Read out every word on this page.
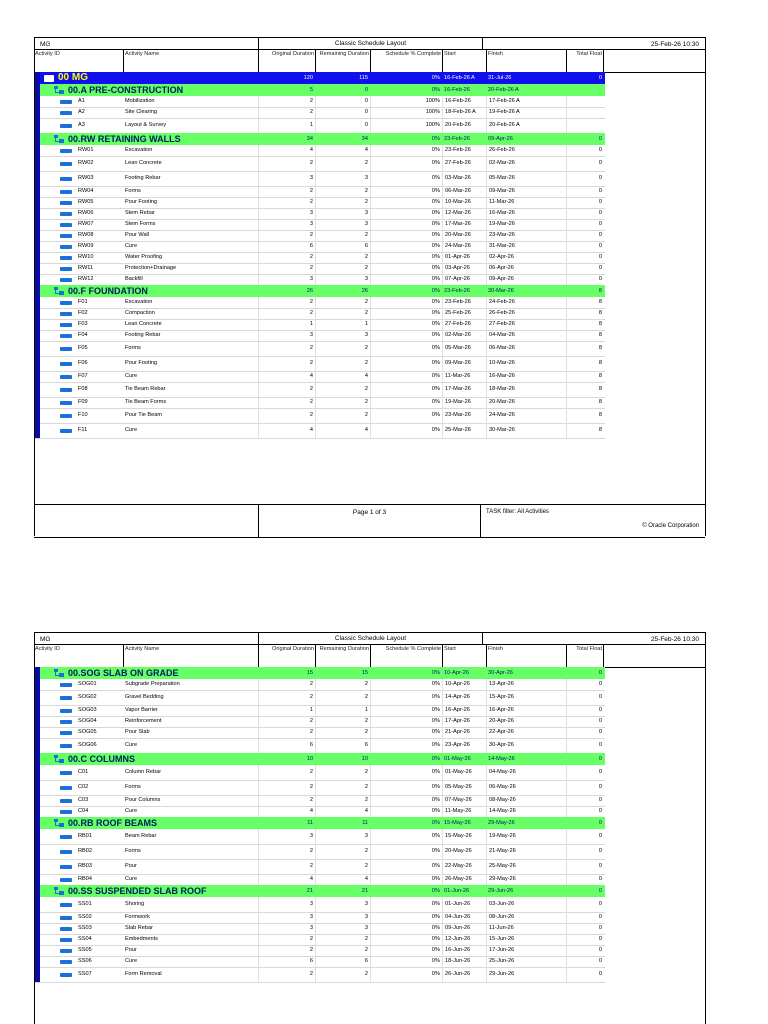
MG	Classic Schedule Layout	25-Feb-26 10:30
Activity ID	Activity Name	Original Duration Remaining Duration	Schedule % Complete Start	Finish	Total Float
00 MG	120	115	0% 16-Feb-26 A	31-Jul-26	0
00.A PRE-CONSTRUCTION	5	0	0% 16-Feb-26	20-Feb-26 A
A1	Mobilization	2	0	100% 16-Feb-26	17-Feb-26 A
A2	Site Clearing	2	0	100% 18-Feb-26 A	19-Feb-26 A
A3	Layout & Survey	1	0	100% 20-Feb-26	20-Feb-26 A
00.RW RETAINING WALLS	34	34	0% 23-Feb-26	09-Apr-26	0
RW01	Excavation	4	4	0% 23-Feb-26	26-Feb-26	0
RW02	Lean Concrete	2	2	0% 27-Feb-26	02-Mar-26	0
RW03	Footing Rebar	3	3	0% 03-Mar-26	05-Mar-26	0
RW04	Forms	2	2	0% 06-Mar-26	09-Mar-26	0
RW05	Pour Footing	2	2	0% 10-Mar-26	11-Mar-26	0
RW06	Stem Rebar	3	3	0% 12-Mar-26	16-Mar-26	0
RW07	Stem Forms	3	3	0% 17-Mar-26	19-Mar-26	0
RW08	Pour Wall	2	2	0% 20-Mar-26	23-Mar-26	0
RW09	Cure	6	6	0% 24-Mar-26	31-Mar-26	0
RW10	Water Proofing	2	2	0% 01-Apr-26	02-Apr-26	0
RW11	Protection+Drainage	2	2	0% 03-Apr-26	06-Apr-26	0
RW12	Backfill	3	3	0% 07-Apr-26	09-Apr-26	0
00.F FOUNDATION	26	26	0% 23-Feb-26	30-Mar-26	8
F01	Excavation	2	2	0% 23-Feb-26	24-Feb-26	8
F02	Compaction	2	2	0% 25-Feb-26	26-Feb-26	8
F03	Lean Concrete	1	1	0% 27-Feb-26	27-Feb-26	8
F04	Footing Rebar	3	3	0% 02-Mar-26	04-Mar-26	8
F05	Forms	2	2	0% 05-Mar-26	06-Mar-26	8
F06	Pour Footing	2	2	0% 09-Mar-26	10-Mar-26	8
F07	Cure	4	4	0% 11-Mar-26	16-Mar-26	8
F08	Tie Beam Rebar	2	2	0% 17-Mar-26	18-Mar-26	8
F09	Tie Beam Forms	2	2	0% 19-Mar-26	20-Mar-26	8
F10	Pour Tie Beam	2	2	0% 23-Mar-26	24-Mar-26	8
F11	Cure	4	4	0% 25-Mar-26	30-Mar-26	8
Page 1 of 3	TASK filter: All Activities
© Oracle Corporation
MG	Classic Schedule Layout	25-Feb-26 10:30
Activity ID	Activity Name	Original Duration Remaining Duration	Schedule % Complete Start	Finish	Total Float
00.SOG SLAB ON GRADE	15	15	0% 10-Apr-26	30-Apr-26	0
SOG01	Subgrade Preparation	2	2	0% 10-Apr-26	13-Apr-26	0
SOG02	Gravel Bedding	2	2	0% 14-Apr-26	15-Apr-26	0
SOG03	Vapor Barrier	1	1	0% 16-Apr-26	16-Apr-26	0
SOG04	Reinforcement	2	2	0% 17-Apr-26	20-Apr-26	0
SOG05	Pour Slab	2	2	0% 21-Apr-26	22-Apr-26	0
SOG06	Cure	6	6	0% 23-Apr-26	30-Apr-26	0
00.C COLUMNS	10	10	0% 01-May-26	14-May-26	0
C01	Column Rebar	2	2	0% 01-May-26	04-May-26	0
C02	Forms	2	2	0% 05-May-26	06-May-26	0
C03	Pour Columns	2	2	0% 07-May-26	08-May-26	0
C04	Cure	4	4	0% 11-May-26	14-May-26	0
00.RB ROOF BEAMS	11	11	0% 15-May-26	29-May-26	0
RB01	Beam Rebar	3	3	0% 15-May-26	19-May-26	0
RB02	Forms	2	2	0% 20-May-26	21-May-26	0
RB03	Pour	2	2	0% 22-May-26	25-May-26	0
RB04	Cure	4	4	0% 26-May-26	29-May-26	0
00.SS SUSPENDED SLAB ROOF	21	21	0% 01-Jun-26	29-Jun-26	0
SS01	Shoring	3	3	0% 01-Jun-26	03-Jun-26	0
SS02	Formwork	3	3	0% 04-Jun-26	08-Jun-26	0
SS03	Slab Rebar	3	3	0% 09-Jun-26	11-Jun-26	0
SS04	Embedments	2	2	0% 12-Jun-26	15-Jun-26	0
SS05	Pour	2	2	0% 16-Jun-26	17-Jun-26	0
SS06	Cure	6	6	0% 18-Jun-26	25-Jun-26	0
SS07	Form Removal	2	2	0% 26-Jun-26	29-Jun-26	0
